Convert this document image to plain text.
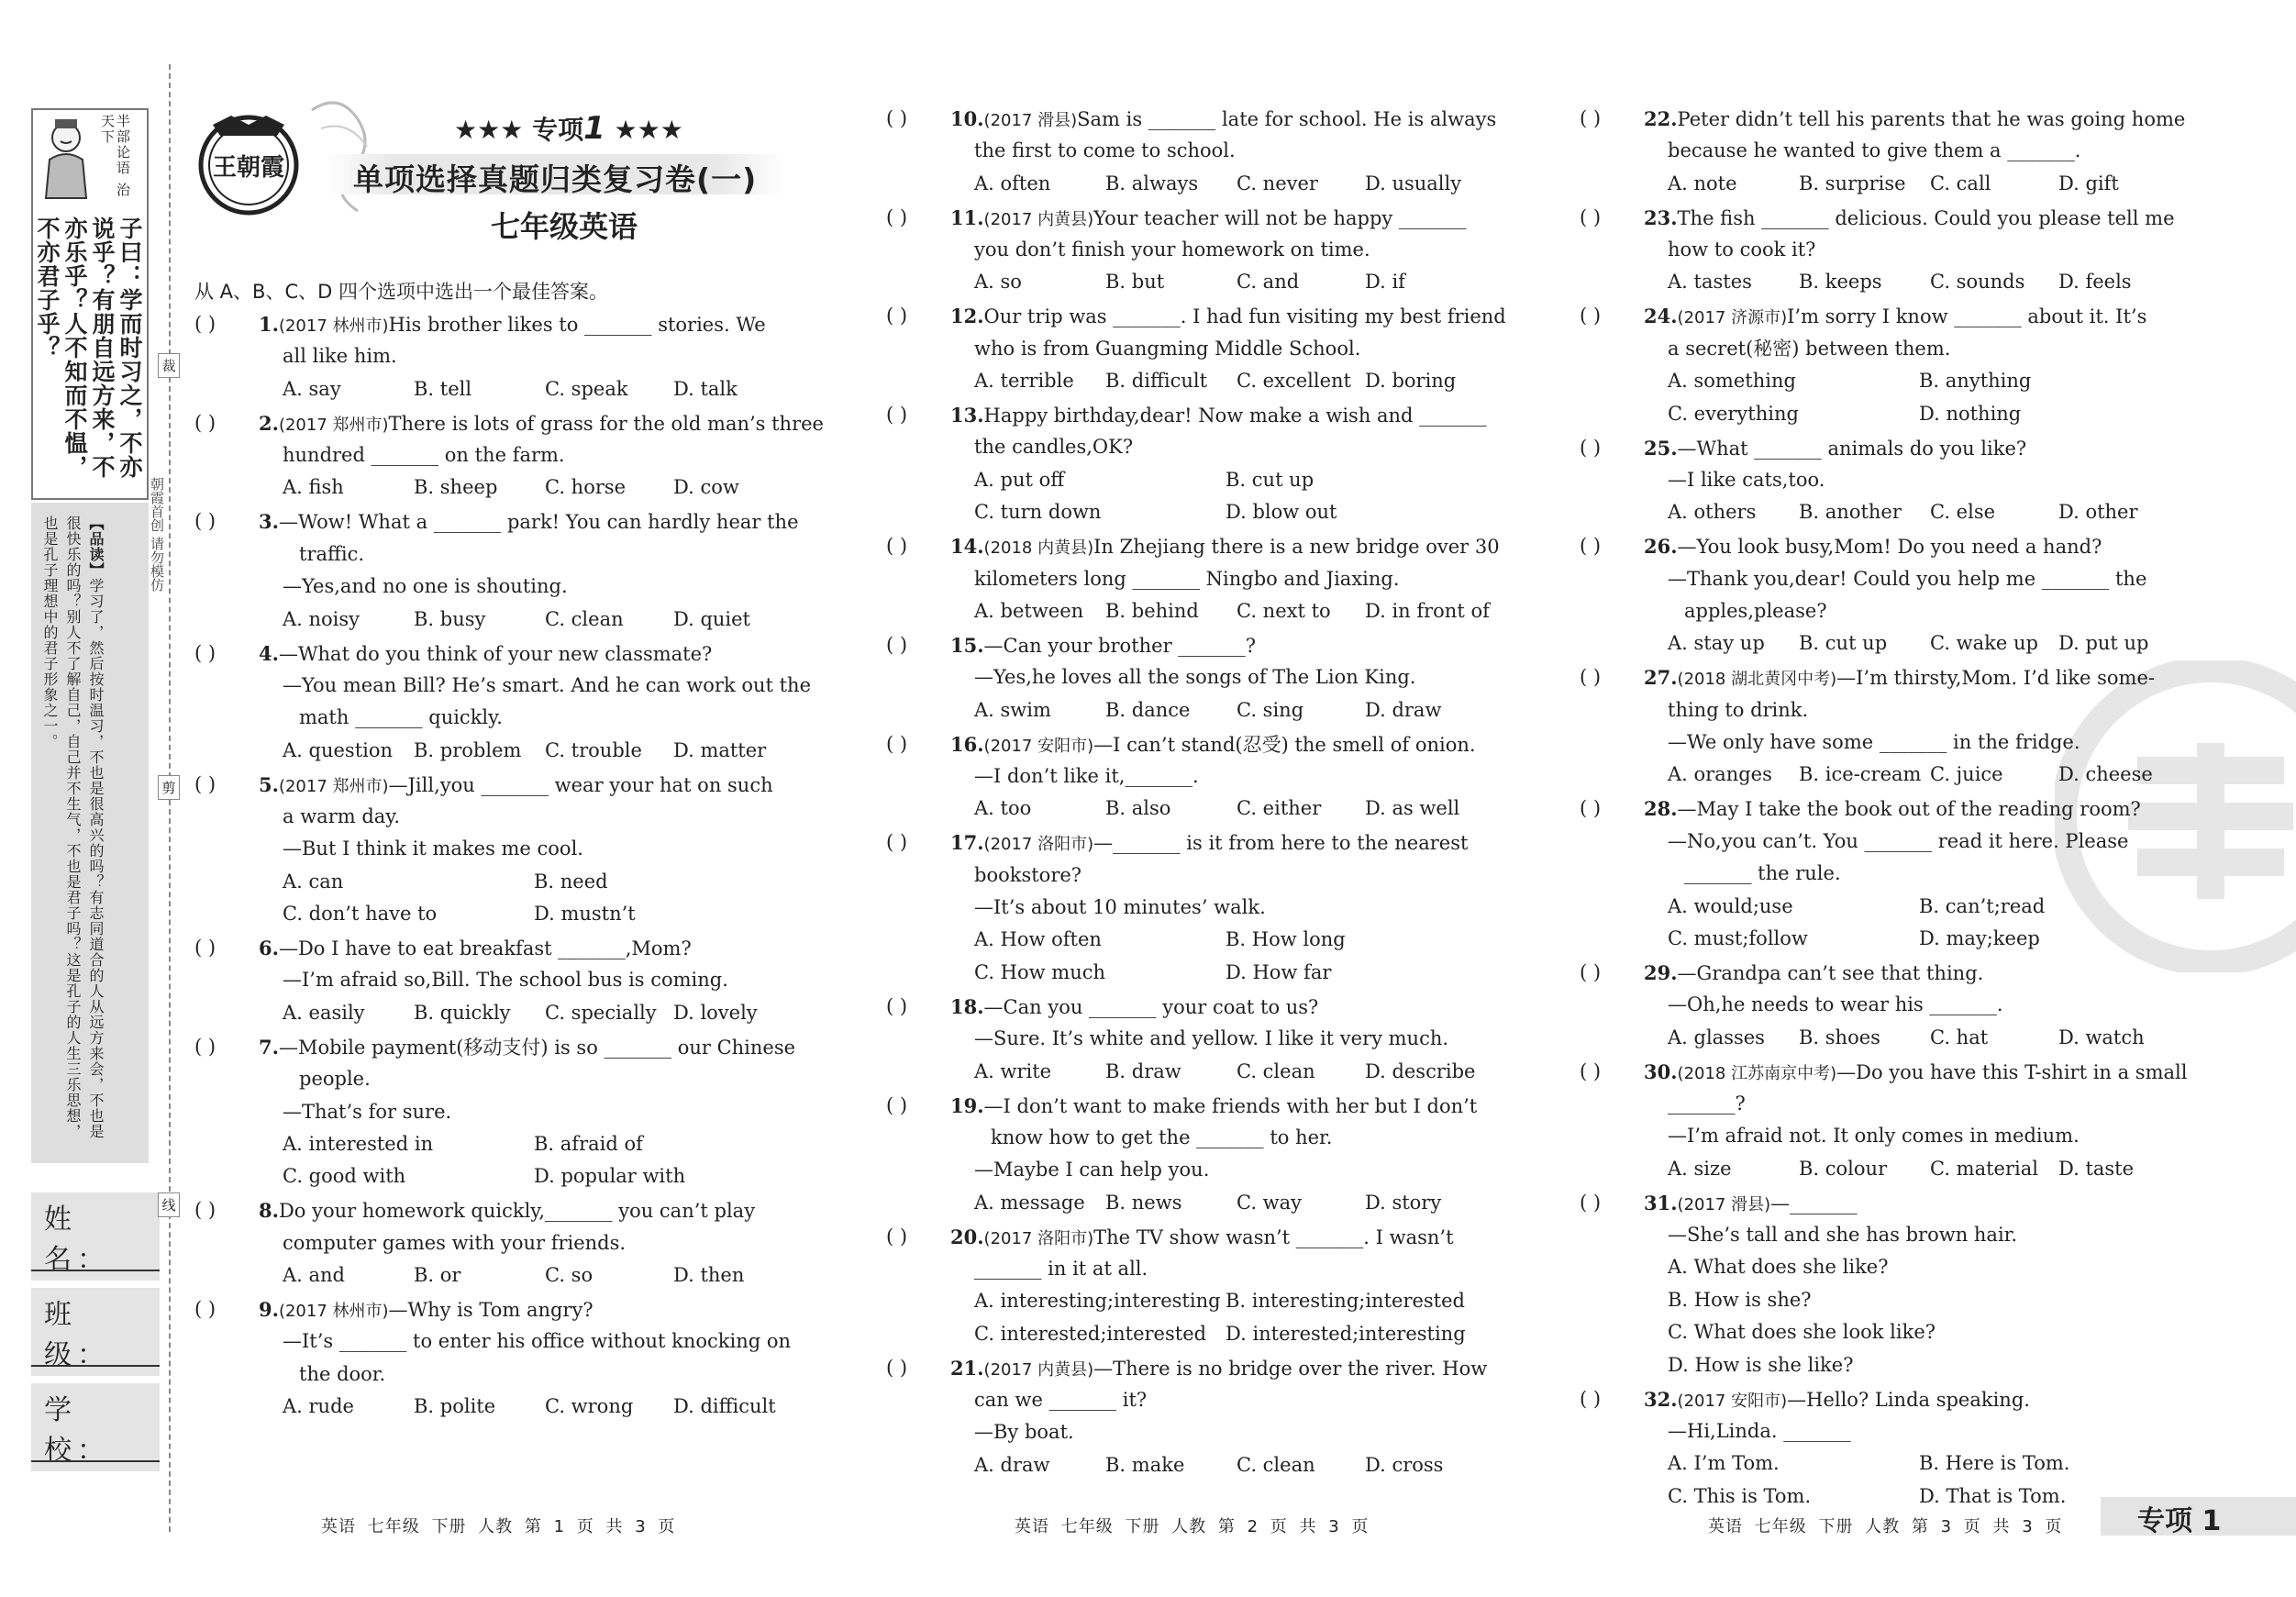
半部论语 治天下
子曰：学而时习之，不亦说乎？有朋自远方来，不亦乐乎？人不知而不愠，不亦君子乎？
【品读】学习了，然后按时温习，不也是很高兴的吗？有志同道合的人从远方来会，不也是很快乐的吗？别人不了解自己，自己并不生气，不也是君子吗？这是孔子的人生三乐思想，也是孔子理想中的君子形象之一。
姓 名：
班 级：
学 校：
裁
剪
线
朝霞首创 请勿模仿
王朝霞
★★★ 专项1 ★★★
单项选择真题归类复习卷(一)
七年级英语
从 A、B、C、D 四个选项中选出一个最佳答案。
( ) 1.(2017 林州市)His brother likes to _______ stories. We
all like him.
A. say	B. tell	C. speak D. talk
( ) 2.(2017 郑州市)There is lots of grass for the old man’s three
hundred _______ on the farm.
A. fish	B. sheep C. horse D. cow
( ) 3.—Wow! What a _______ park! You can hardly hear the
traffic.
—Yes,and no one is shouting.
A. noisy	B. busy	C. clean	D. quiet
( ) 4.—What do you think of your new classmate?
—You mean Bill? He’s smart. And he can work out the
math _______ quickly.
A. question B. problem C. trouble D. matter
( ) 5.(2017 郑州市)—Jill,you _______ wear your hat on such
a warm day.
—But I think it makes me cool.
A. can	B. need
C. don’t have to	D. mustn’t
( ) 6.—Do I have to eat breakfast _______,Mom?
—I’m afraid so,Bill. The school bus is coming.
A. easily	B. quickly C. specially D. lovely
( ) 7.—Mobile payment(移动支付) is so _______ our Chinese
people.
—That’s for sure.
A. interested in	B. afraid of
C. good with	D. popular with
( ) 8.Do your homework quickly,_______ you can’t play
computer games with your friends.
A. and	B. or	C. so	D. then
( ) 9.(2017 林州市)—Why is Tom angry?
—It’s _______ to enter his office without knocking on
the door.
A. rude	B. polite	C. wrong D. difficult
( ) 10.(2017 滑县)Sam is _______ late for school. He is always
the first to come to school.
A. often	B. always C. never D. usually
( ) 11.(2017 内黄县)Your teacher will not be happy _______
you don’t finish your homework on time.
A. so	B. but	C. and	D. if
( ) 12.Our trip was _______. I had fun visiting my best friend
who is from Guangming Middle School.
A. terrible B. difficult C. excellent D. boring
( ) 13.Happy birthday,dear! Now make a wish and _______
the candles,OK?
A. put off	B. cut up
C. turn down	D. blow out
( ) 14.(2018 内黄县)In Zhejiang there is a new bridge over 30
kilometers long _______ Ningbo and Jiaxing.
A. between B. behind C. next to D. in front of
( ) 15.—Can your brother _______?
—Yes,he loves all the songs of The Lion King.
A. swim	B. dance C. sing	D. draw
( ) 16.(2017 安阳市)—I can’t stand(忍受) the smell of onion.
—I don’t like it,_______.
A. too	B. also	C. either D. as well
( ) 17.(2017 洛阳市)—_______ is it from here to the nearest
bookstore?
—It’s about 10 minutes’ walk.
A. How often	B. How long
C. How much	D. How far
( ) 18.—Can you _______ your coat to us?
—Sure. It’s white and yellow. I like it very much.
A. write	B. draw	C. clean	D. describe
( ) 19.—I don’t want to make friends with her but I don’t
know how to get the _______ to her.
—Maybe I can help you.
A. message B. news	C. way	D. story
( ) 20.(2017 洛阳市)The TV show wasn’t _______. I wasn’t
_______ in it at all.
A. interesting;interesting B. interesting;interested
C. interested;interested D. interested;interesting
( ) 21.(2017 内黄县)—There is no bridge over the river. How
can we _______ it?
—By boat.
A. draw	B. make	C. clean	D. cross
( ) 22.Peter didn’t tell his parents that he was going home
because he wanted to give them a _______.
A. note	B. surprise C. call	D. gift
( ) 23.The fish _______ delicious. Could you please tell me
how to cook it?
A. tastes B. keeps C. sounds D. feels
( ) 24.(2017 济源市)I’m sorry I know _______ about it. It’s
a secret(秘密) between them.
A. something	B. anything
C. everything	D. nothing
( ) 25.—What _______ animals do you like?
—I like cats,too.
A. others B. another C. else	D. other
( ) 26.—You look busy,Mom! Do you need a hand?
—Thank you,dear! Could you help me _______ the
apples,please?
A. stay up B. cut up C. wake up D. put up
( ) 27.(2018 湖北黄冈中考)—I’m thirsty,Mom. I’d like some-
thing to drink.
—We only have some _______ in the fridge.
A. oranges B. ice-cream C. juice	D. cheese
( ) 28.—May I take the book out of the reading room?
—No,you can’t. You _______ read it here. Please
_______ the rule.
A. would;use	B. can’t;read
C. must;follow	D. may;keep
( ) 29.—Grandpa can’t see that thing.
—Oh,he needs to wear his _______.
A. glasses B. shoes	C. hat	D. watch
( ) 30.(2018 江苏南京中考)—Do you have this T-shirt in a small
_______?
—I’m afraid not. It only comes in medium.
A. size	B. colour C. material D. taste
( ) 31.(2017 滑县)—_______
—She’s tall and she has brown hair.
A. What does she like?
B. How is she?
C. What does she look like?
D. How is she like?
( ) 32.(2017 安阳市)—Hello? Linda speaking.
—Hi,Linda. _______
A. I’m Tom.	B. Here is Tom.
C. This is Tom.	D. That is Tom.
英语 七年级 下册 人教 第 1 页 共 3 页	英语 七年级 下册 人教 第 2 页 共 3 页	英语 七年级 下册 人教 第 3 页 共 3 页	专项 1
